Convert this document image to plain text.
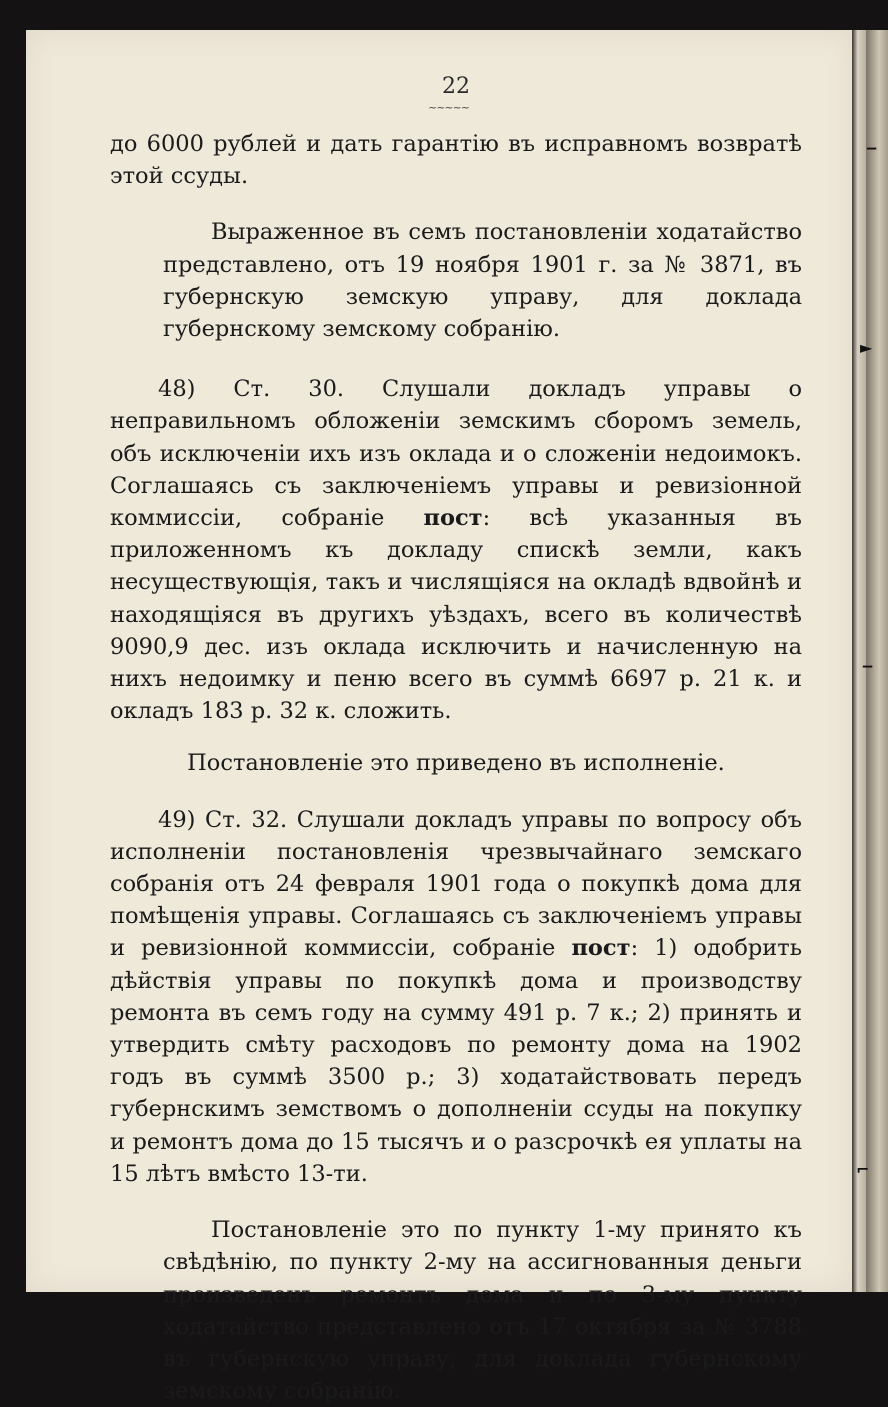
‒
►
‒
⌐
22
~~~~~

до 6000 рублей и дать гарантію въ исправномъ возвратѣ этой ссуды.

Выраженное въ семъ постановленіи ходатайство представлено, отъ 19 ноября 1901 г. за № 3871, въ губернскую земскую управу, для доклада губернскому земскому собранію.

48) Ст. 30. Слушали докладъ управы о неправильномъ обложеніи земскимъ сборомъ земель, объ исключеніи ихъ изъ оклада и о сложеніи недоимокъ. Соглашаясь съ заключеніемъ управы и ревизіонной коммиссіи, собраніе пост: всѣ указанныя въ приложенномъ къ докладу спискѣ земли, какъ несуществующія, такъ и числящіяся на окладѣ вдвойнѣ и находящіяся въ другихъ уѣздахъ, всего въ количествѣ 9090,9 дес. изъ оклада исключить и начисленную на нихъ недоимку и пеню всего въ суммѣ 6697 р. 21 к. и окладъ 183 р. 32 к. сложить.

Постановленіе это приведено въ исполненіе.

49) Ст. 32. Слушали докладъ управы по вопросу объ исполненіи постановленія чрезвычайнаго земскаго собранія отъ 24 февраля 1901 года о покупкѣ дома для помѣщенія управы. Соглашаясь съ заключеніемъ управы и ревизіонной коммиссіи, собраніе пост: 1) одобрить дѣйствія управы по покупкѣ дома и производству ремонта въ семъ году на сумму 491 р. 7 к.; 2) принять и утвердить смѣту расходовъ по ремонту дома на 1902 годъ въ суммѣ 3500 р.; 3) ходатайствовать передъ губернскимъ земствомъ о дополненіи ссуды на покупку и ремонтъ дома до 15 тысячъ и о разсрочкѣ ея уплаты на 15 лѣтъ вмѣсто 13-ти.

Постановленіе это по пункту 1-му принято къ свѣдѣнію, по пункту 2-му на ассигнованныя деньги произведенъ ремонтъ дома и по 3-му пункту ходатайство представлено отъ 17 октября за № 3788 въ губернскую управу, для доклада губернскому земскому собранію.
